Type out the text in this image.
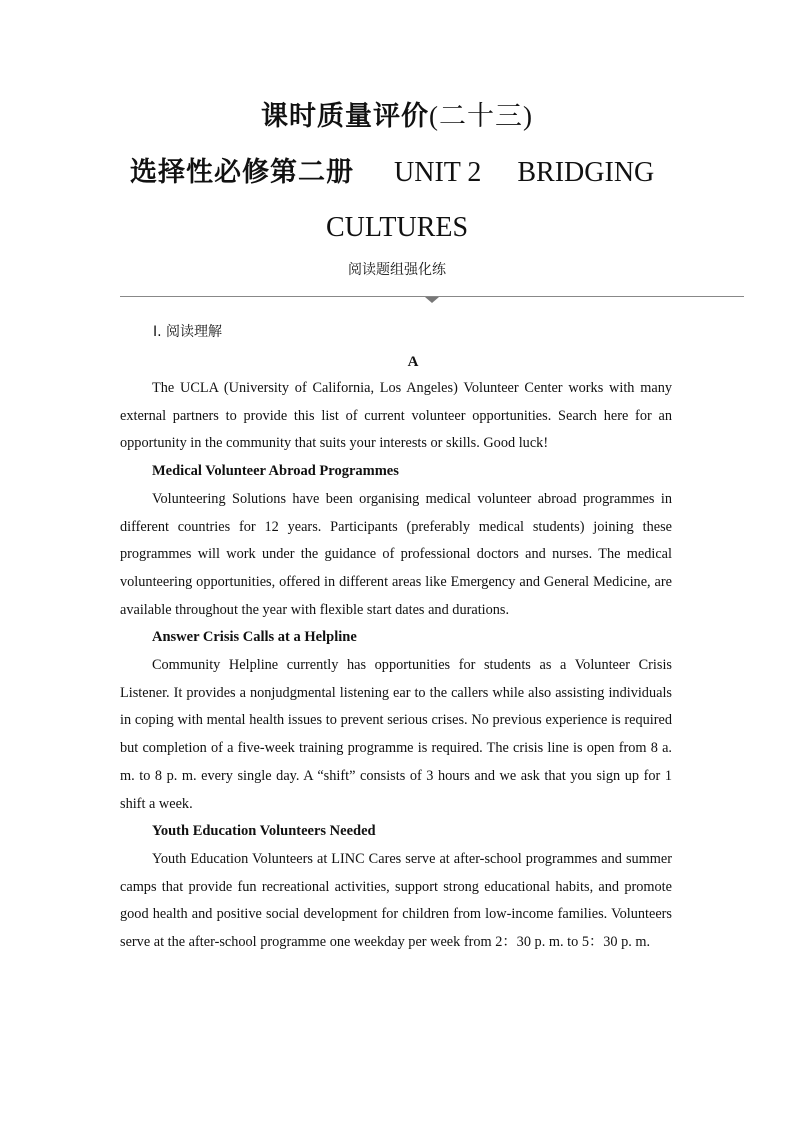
课时质量评价(二十三)
选择性必修第二册 UNIT 2 BRIDGING
CULTURES
阅读题组强化练
Ⅰ. 阅读理解
A

The UCLA (University of California, Los Angeles) Volunteer Center works with many external partners to provide this list of current volunteer opportunities. Search here for an opportunity in the community that suits your interests or skills. Good luck!

Medical Volunteer Abroad Programmes

Volunteering Solutions have been organising medical volunteer abroad programmes in different countries for 12 years. Participants (preferably medical students) joining these programmes will work under the guidance of professional doctors and nurses. The medical volunteering opportunities, offered in different areas like Emergency and General Medicine, are available throughout the year with flexible start dates and durations.

Answer Crisis Calls at a Helpline

Community Helpline currently has opportunities for students as a Volunteer Crisis Listener. It provides a nonjudgmental listening ear to the callers while also assisting individuals in coping with mental health issues to prevent serious crises. No previous experience is required but completion of a five-week training programme is required. The crisis line is open from 8 a. m. to 8 p. m. every single day. A “shift” consists of 3 hours and we ask that you sign up for 1 shift a week.

Youth Education Volunteers Needed

Youth Education Volunteers at LINC Cares serve at after-school programmes and summer camps that provide fun recreational activities, support strong educational habits, and promote good health and positive social development for children from low-income families. Volunteers serve at the after-school programme one weekday per week from 2：30 p. m. to 5：30 p. m.
